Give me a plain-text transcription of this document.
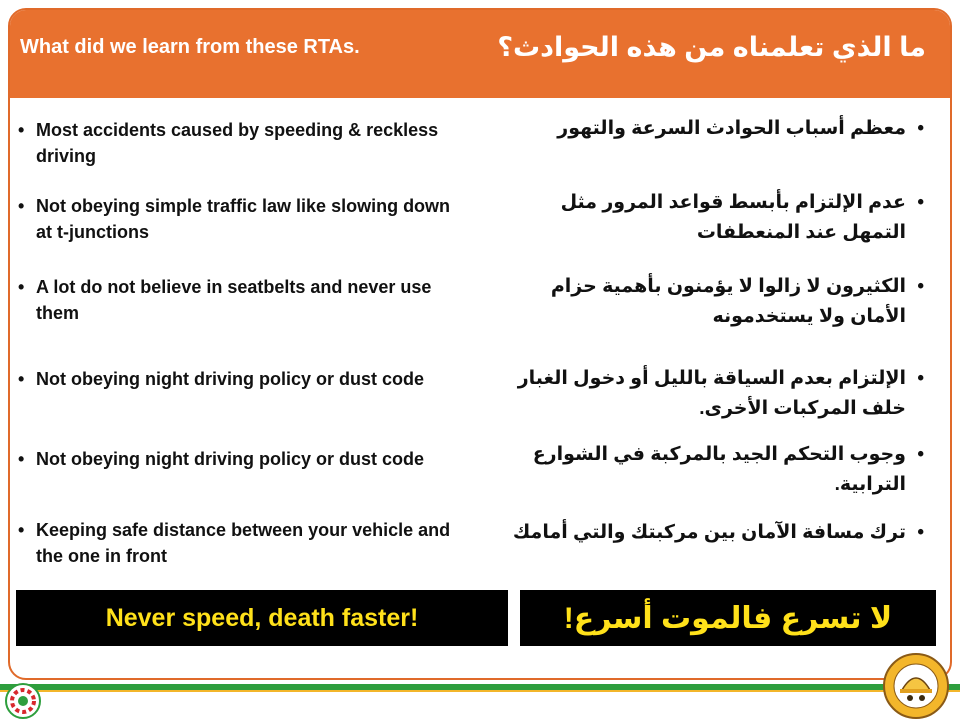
What did we learn from these RTAs.	ما الذي تعلمناه من هذه الحوادث؟
• Most accidents caused by speeding & reckless driving
• Not obeying simple traffic law like slowing down at t-junctions
• A lot do not believe in seatbelts and never use them
• Not obeying night driving policy or dust code
• Not obeying night driving policy or dust code
• Keeping safe distance between your vehicle and the one in front
•
معظم أسباب الحوادث السرعة والتهور
•
عدم الإلتزام بأبسط قواعد المرور مثل التمهل عند المنعطفات
•
الكثيرون لا زالوا لا يؤمنون بأهمية حزام الأمان ولا يستخدمونه
•
الإلتزام بعدم السياقة بالليل أو دخول الغبار خلف المركبات الأخرى.
•
وجوب التحكم الجيد بالمركبة في الشوارع الترابية.
•
ترك مسافة الآمان بين مركبتك والتي أمامك
Never speed, death faster!	لا تسرع فالموت أسرع!
